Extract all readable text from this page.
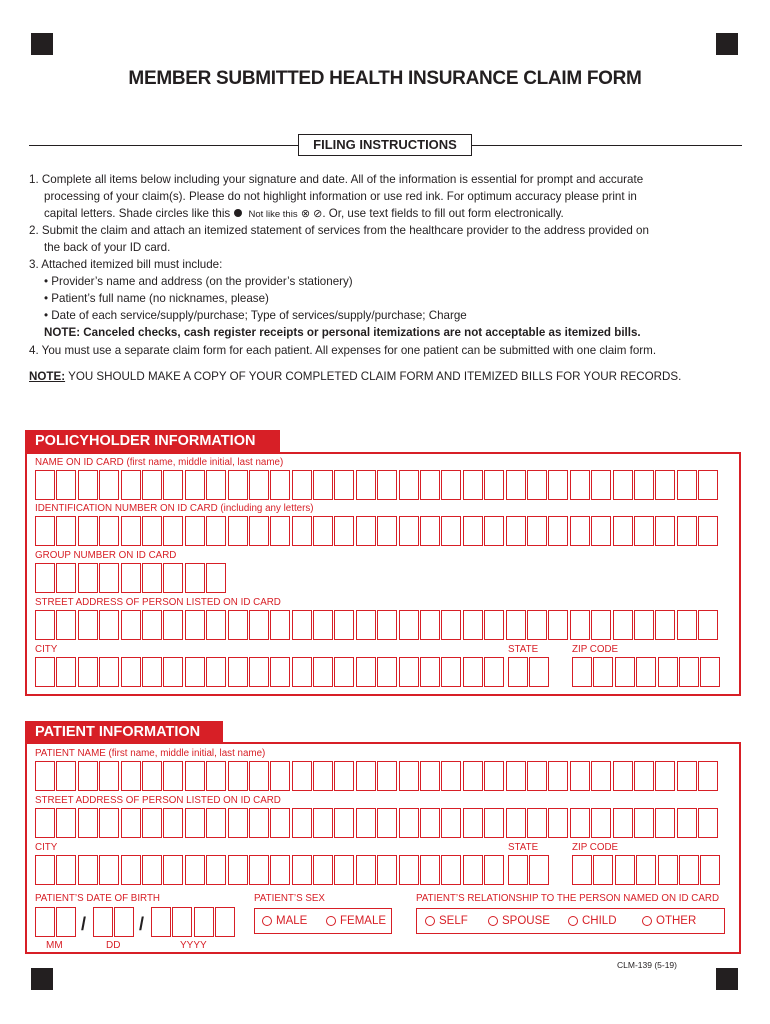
MEMBER SUBMITTED HEALTH INSURANCE CLAIM FORM
FILING INSTRUCTIONS
1. Complete all items below including your signature and date. All of the information is essential for prompt and accurate
processing of your claim(s). Please do not highlight information or use red ink. For optimum accuracy please print in
capital letters. Shade circles like this Not like this ⊗ ⊘. Or, use text fields to fill out form electronically.
2. Submit the claim and attach an itemized statement of services from the healthcare provider to the address provided on
the back of your ID card.
3. Attached itemized bill must include:
• Provider’s name and address (on the provider’s stationery)
• Patient’s full name (no nicknames, please)
• Date of each service/supply/purchase; Type of services/supply/purchase; Charge
NOTE: Canceled checks, cash register receipts or personal itemizations are not acceptable as itemized bills.
4. You must use a separate claim form for each patient. All expenses for one patient can be submitted with one claim form.
NOTE: YOU SHOULD MAKE A COPY OF YOUR COMPLETED CLAIM FORM AND ITEMIZED BILLS FOR YOUR RECORDS.
POLICYHOLDER INFORMATION
NAME ON ID CARD (first name, middle initial, last name)
IDENTIFICATION NUMBER ON ID CARD (including any letters)
GROUP NUMBER ON ID CARD
STREET ADDRESS OF PERSON LISTED ON ID CARD
CITY	STATE	ZIP CODE
PATIENT INFORMATION
PATIENT NAME (first name, middle initial, last name)
STREET ADDRESS OF PERSON LISTED ON ID CARD
CITY	STATE	ZIP CODE
PATIENT’S DATE OF BIRTH
/	/
MM	DD	YYYY
PATIENT’S SEX
MALE	FEMALE
PATIENT’S RELATIONSHIP TO THE PERSON NAMED ON ID CARD
SELF	SPOUSE	CHILD	OTHER
CLM-139 (5-19)
